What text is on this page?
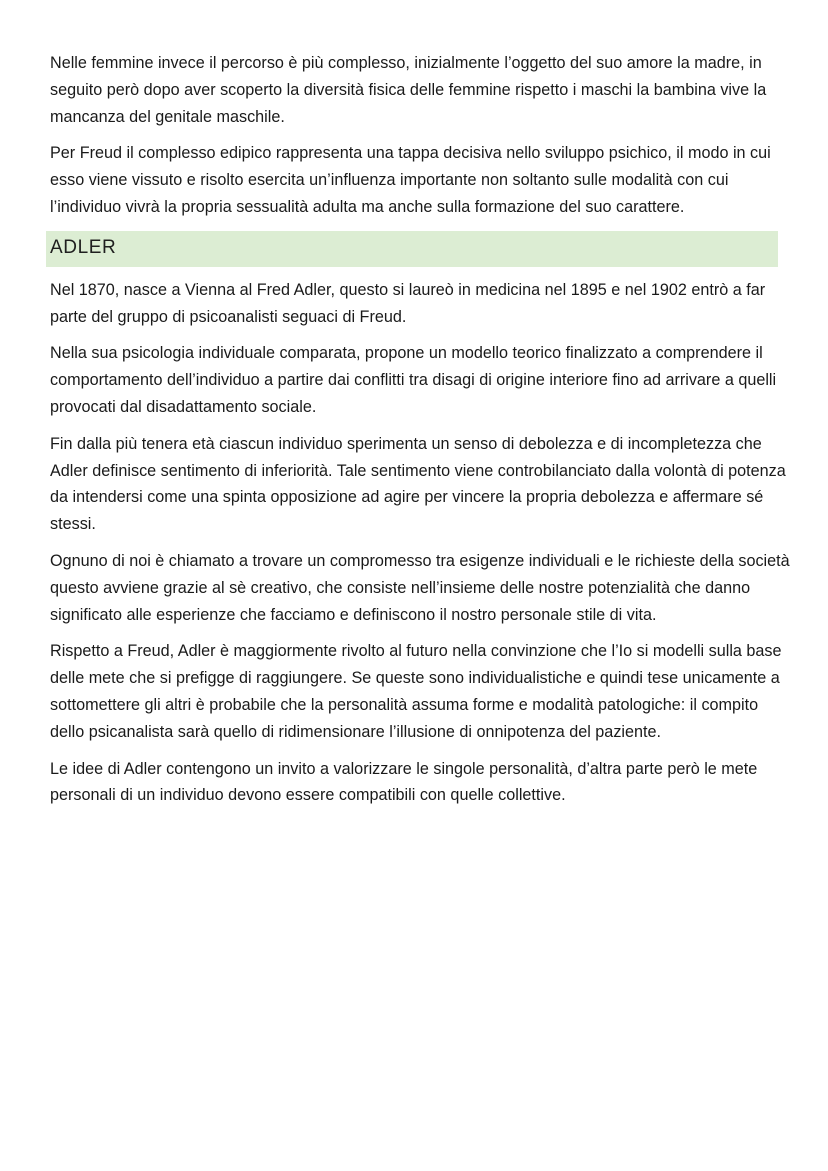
Nelle femmine invece il percorso è più complesso, inizialmente l’oggetto del suo amore la madre, in seguito però dopo aver scoperto la diversità fisica delle femmine rispetto i maschi la bambina vive la mancanza del genitale maschile.

Per Freud il complesso edipico rappresenta una tappa decisiva nello sviluppo psichico, il modo in cui esso viene vissuto e risolto esercita un’influenza importante non soltanto sulle modalità con cui l’individuo vivrà la propria sessualità adulta ma anche sulla formazione del suo carattere.

ADLER

Nel 1870, nasce a Vienna al Fred Adler, questo si laureò in medicina nel 1895 e nel 1902 entrò a far parte del gruppo di psicoanalisti seguaci di Freud.

Nella sua psicologia individuale comparata, propone un modello teorico finalizzato a comprendere il comportamento dell’individuo a partire dai conflitti tra disagi di origine interiore fino ad arrivare a quelli provocati dal disadattamento sociale.

Fin dalla più tenera età ciascun individuo sperimenta un senso di debolezza e di incompletezza che Adler definisce sentimento di inferiorità. Tale sentimento viene controbilanciato dalla volontà di potenza da intendersi come una spinta opposizione ad agire per vincere la propria debolezza e affermare sé stessi.

Ognuno di noi è chiamato a trovare un compromesso tra esigenze individuali e le richieste della società questo avviene grazie al sè creativo, che consiste nell’insieme delle nostre potenzialità che danno significato alle esperienze che facciamo e definiscono il nostro personale stile di vita.

Rispetto a Freud, Adler è maggiormente rivolto al futuro nella convinzione che l’Io si modelli sulla base delle mete che si prefigge di raggiungere. Se queste sono individualistiche e quindi tese unicamente a sottomettere gli altri è probabile che la personalità assuma forme e modalità patologiche: il compito dello psicanalista sarà quello di ridimensionare l’illusione di onnipotenza del paziente.

Le idee di Adler contengono un invito a valorizzare le singole personalità, d’altra parte però le mete personali di un individuo devono essere compatibili con quelle collettive.
